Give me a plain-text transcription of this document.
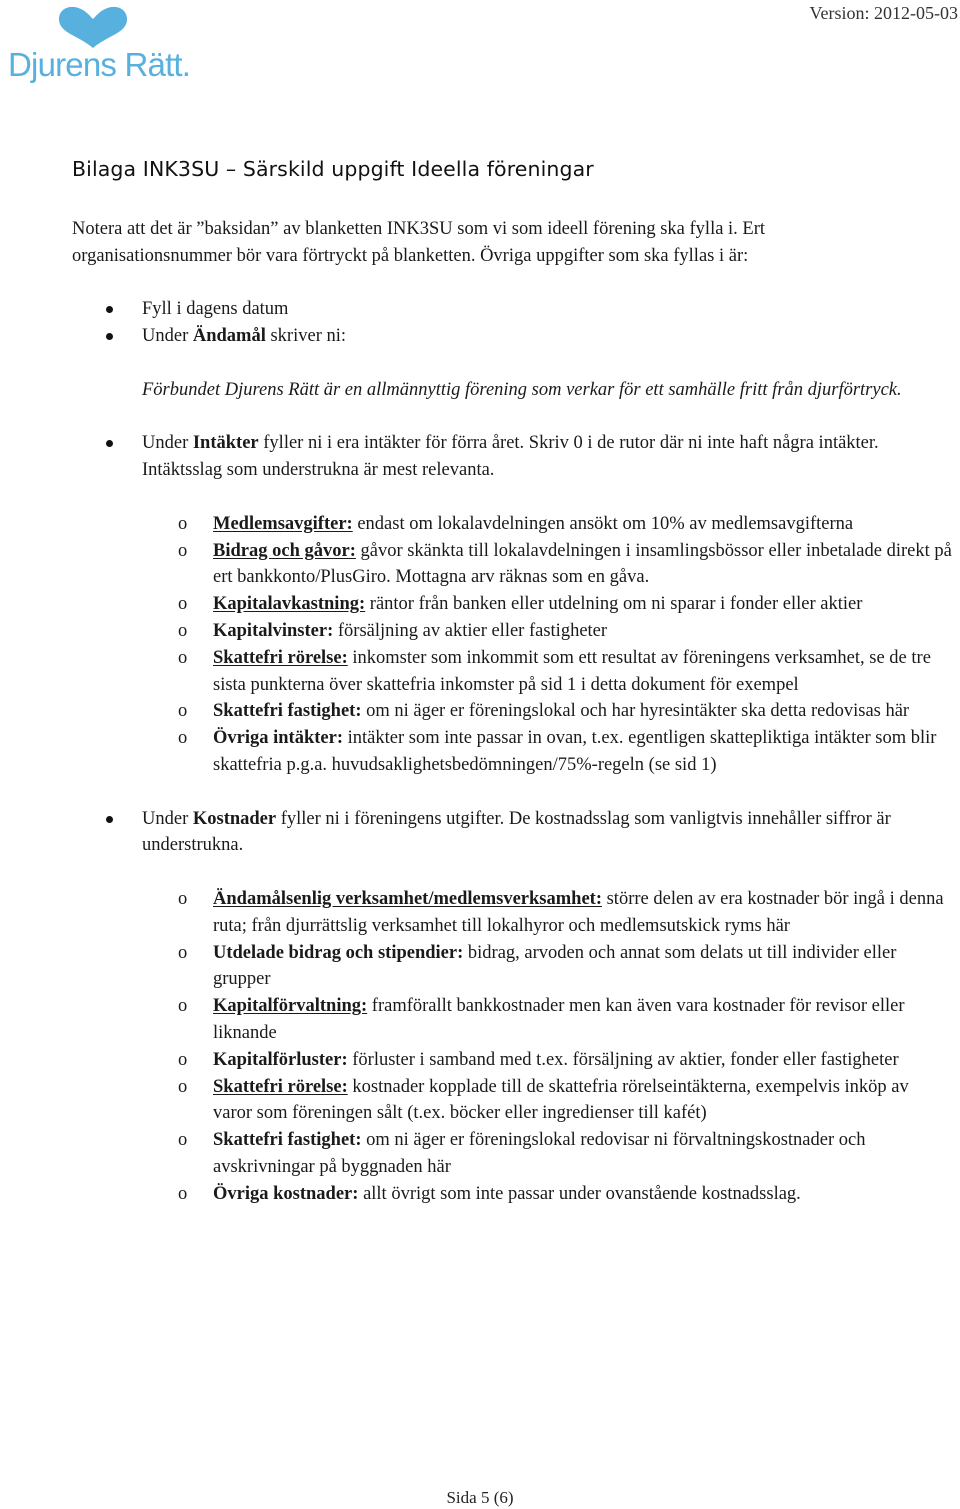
Djurens Rätt.
Version: 2012-05-03
Bilaga INK3SU – Särskild uppgift Ideella föreningar

Notera att det är ”baksidan” av blanketten INK3SU som vi som ideell förening ska fylla i. Ert organisationsnummer bör vara förtryckt på blanketten. Övriga uppgifter som ska fyllas i är:

Fyll i dagens datum
Under Ändamål skriver ni:

Förbundet Djurens Rätt är en allmännyttig förening som verkar för ett samhälle fritt från djurförtryck.

Under Intäkter fyller ni i era intäkter för förra året. Skriv 0 i de rutor där ni inte haft några intäkter. Intäktsslag som understrukna är mest relevanta.
o Medlemsavgifter: endast om lokalavdelningen ansökt om 10% av medlemsavgifterna
o Bidrag och gåvor: gåvor skänkta till lokalavdelningen i insamlingsbössor eller inbetalade direkt på ert bankkonto/PlusGiro. Mottagna arv räknas som en gåva.
o Kapitalavkastning: räntor från banken eller utdelning om ni sparar i fonder eller aktier
o Kapitalvinster: försäljning av aktier eller fastigheter
o Skattefri rörelse: inkomster som inkommit som ett resultat av föreningens verksamhet, se de tre sista punkterna över skattefria inkomster på sid 1 i detta dokument för exempel
o Skattefri fastighet: om ni äger er föreningslokal och har hyresintäkter ska detta redovisas här
o Övriga intäkter: intäkter som inte passar in ovan, t.ex. egentligen skattepliktiga intäkter som blir skattefria p.g.a. huvudsaklighetsbedömningen/75%-regeln (se sid 1)
Under Kostnader fyller ni i föreningens utgifter. De kostnadsslag som vanligtvis innehåller siffror är understrukna.
o Ändamålsenlig verksamhet/medlemsverksamhet: större delen av era kostnader bör ingå i denna ruta; från djurrättslig verksamhet till lokalhyror och medlemsutskick ryms här
o Utdelade bidrag och stipendier: bidrag, arvoden och annat som delats ut till individer eller grupper
o Kapitalförvaltning: framförallt bankkostnader men kan även vara kostnader för revisor eller liknande
o Kapitalförluster: förluster i samband med t.ex. försäljning av aktier, fonder eller fastigheter
o Skattefri rörelse: kostnader kopplade till de skattefria rörelseintäkterna, exempelvis inköp av varor som föreningen sålt (t.ex. böcker eller ingredienser till kafét)
o Skattefri fastighet: om ni äger er föreningslokal redovisar ni förvaltningskostnader och avskrivningar på byggnaden här
o Övriga kostnader: allt övrigt som inte passar under ovanstående kostnadsslag.
Sida 5 (6)
